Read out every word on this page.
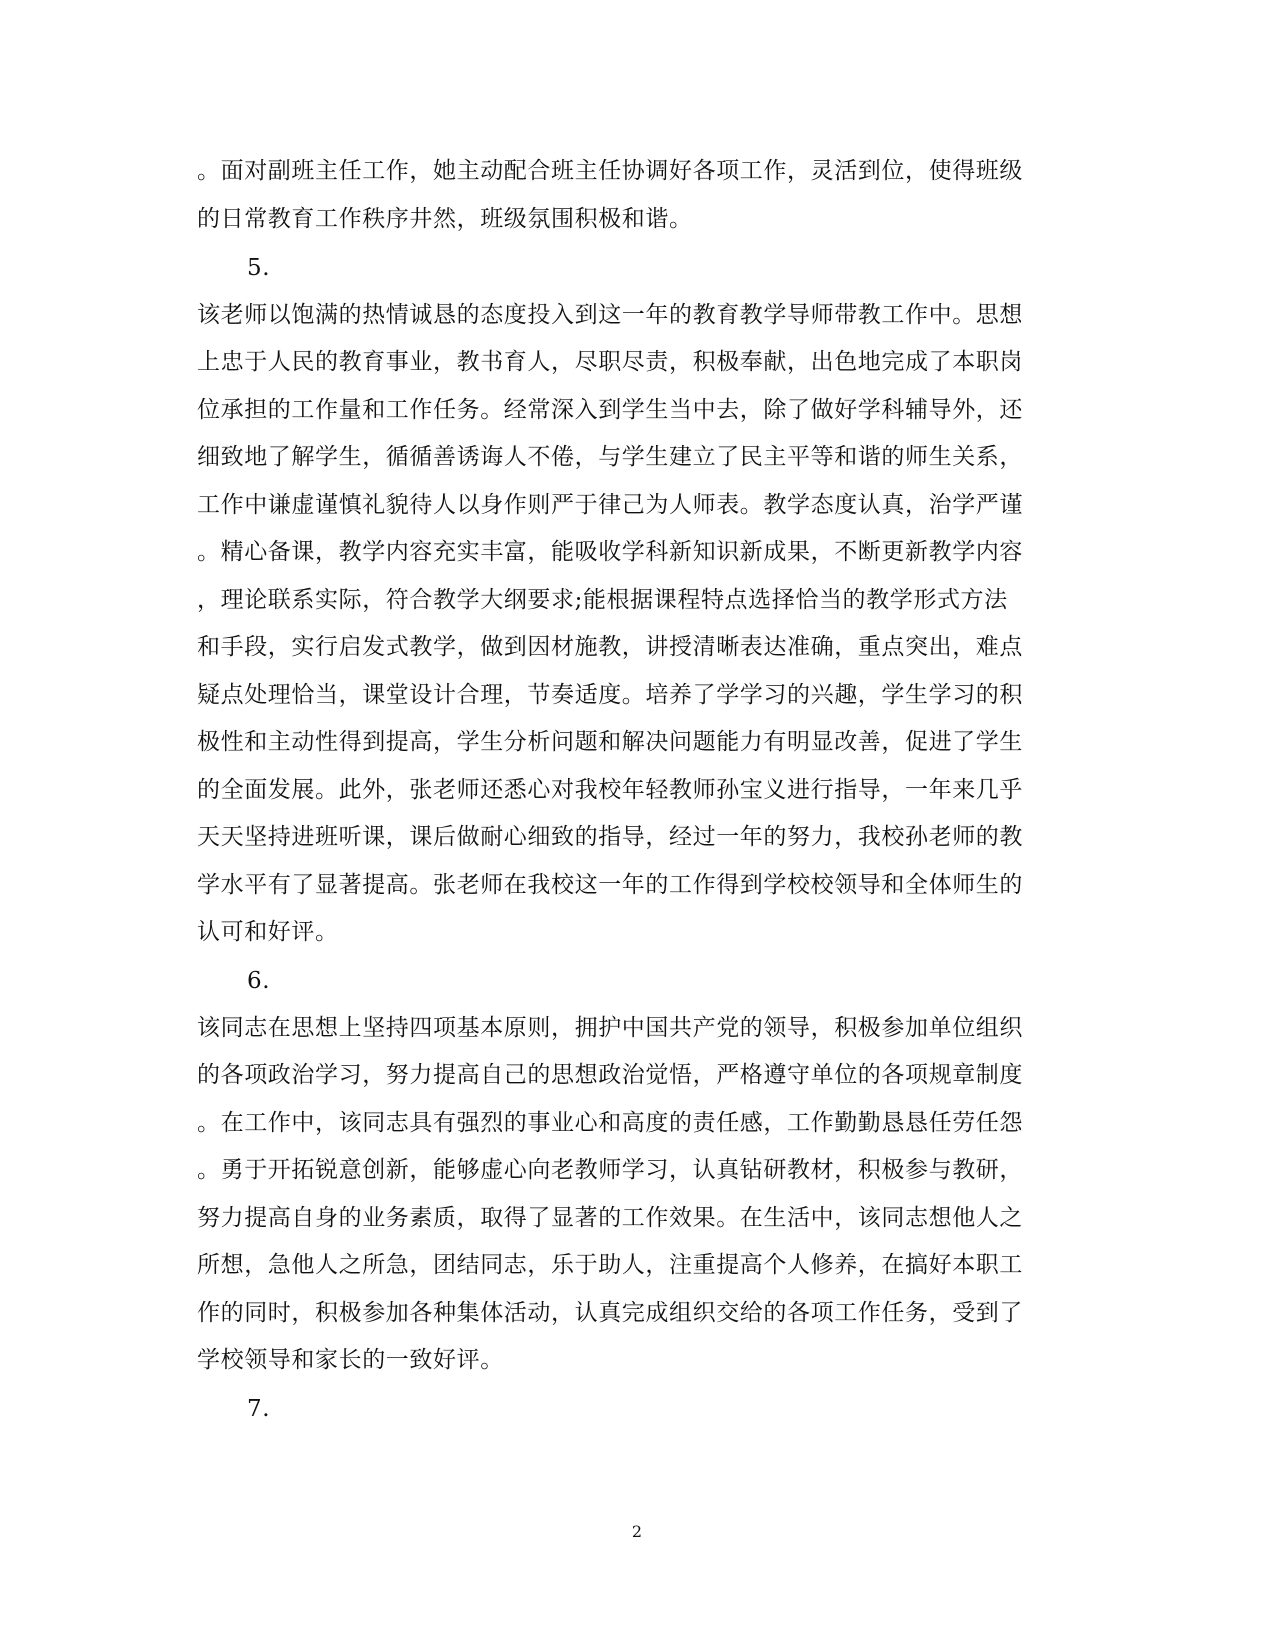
。面对副班主任工作，她主动配合班主任协调好各项工作，灵活到位，使得班级
的日常教育工作秩序井然，班级氛围积极和谐。
5.
该老师以饱满的热情诚恳的态度投入到这一年的教育教学导师带教工作中。思想
上忠于人民的教育事业，教书育人，尽职尽责，积极奉献，出色地完成了本职岗
位承担的工作量和工作任务。经常深入到学生当中去，除了做好学科辅导外，还
细致地了解学生，循循善诱诲人不倦，与学生建立了民主平等和谐的师生关系，
工作中谦虚谨慎礼貌待人以身作则严于律己为人师表。教学态度认真，治学严谨
。精心备课，教学内容充实丰富，能吸收学科新知识新成果，不断更新教学内容
，理论联系实际，符合教学大纲要求;能根据课程特点选择恰当的教学形式方法
和手段，实行启发式教学，做到因材施教，讲授清晰表达准确，重点突出，难点
疑点处理恰当，课堂设计合理，节奏适度。培养了学学习的兴趣，学生学习的积
极性和主动性得到提高，学生分析问题和解决问题能力有明显改善，促进了学生
的全面发展。此外，张老师还悉心对我校年轻教师孙宝义进行指导，一年来几乎
天天坚持进班听课，课后做耐心细致的指导，经过一年的努力，我校孙老师的教
学水平有了显著提高。张老师在我校这一年的工作得到学校校领导和全体师生的
认可和好评。
6.
该同志在思想上坚持四项基本原则，拥护中国共产党的领导，积极参加单位组织
的各项政治学习，努力提高自己的思想政治觉悟，严格遵守单位的各项规章制度
。在工作中，该同志具有强烈的事业心和高度的责任感，工作勤勤恳恳任劳任怨
。勇于开拓锐意创新，能够虚心向老教师学习，认真钻研教材，积极参与教研，
努力提高自身的业务素质，取得了显著的工作效果。在生活中，该同志想他人之
所想，急他人之所急，团结同志，乐于助人，注重提高个人修养，在搞好本职工
作的同时，积极参加各种集体活动，认真完成组织交给的各项工作任务，受到了
学校领导和家长的一致好评。
7.
2
